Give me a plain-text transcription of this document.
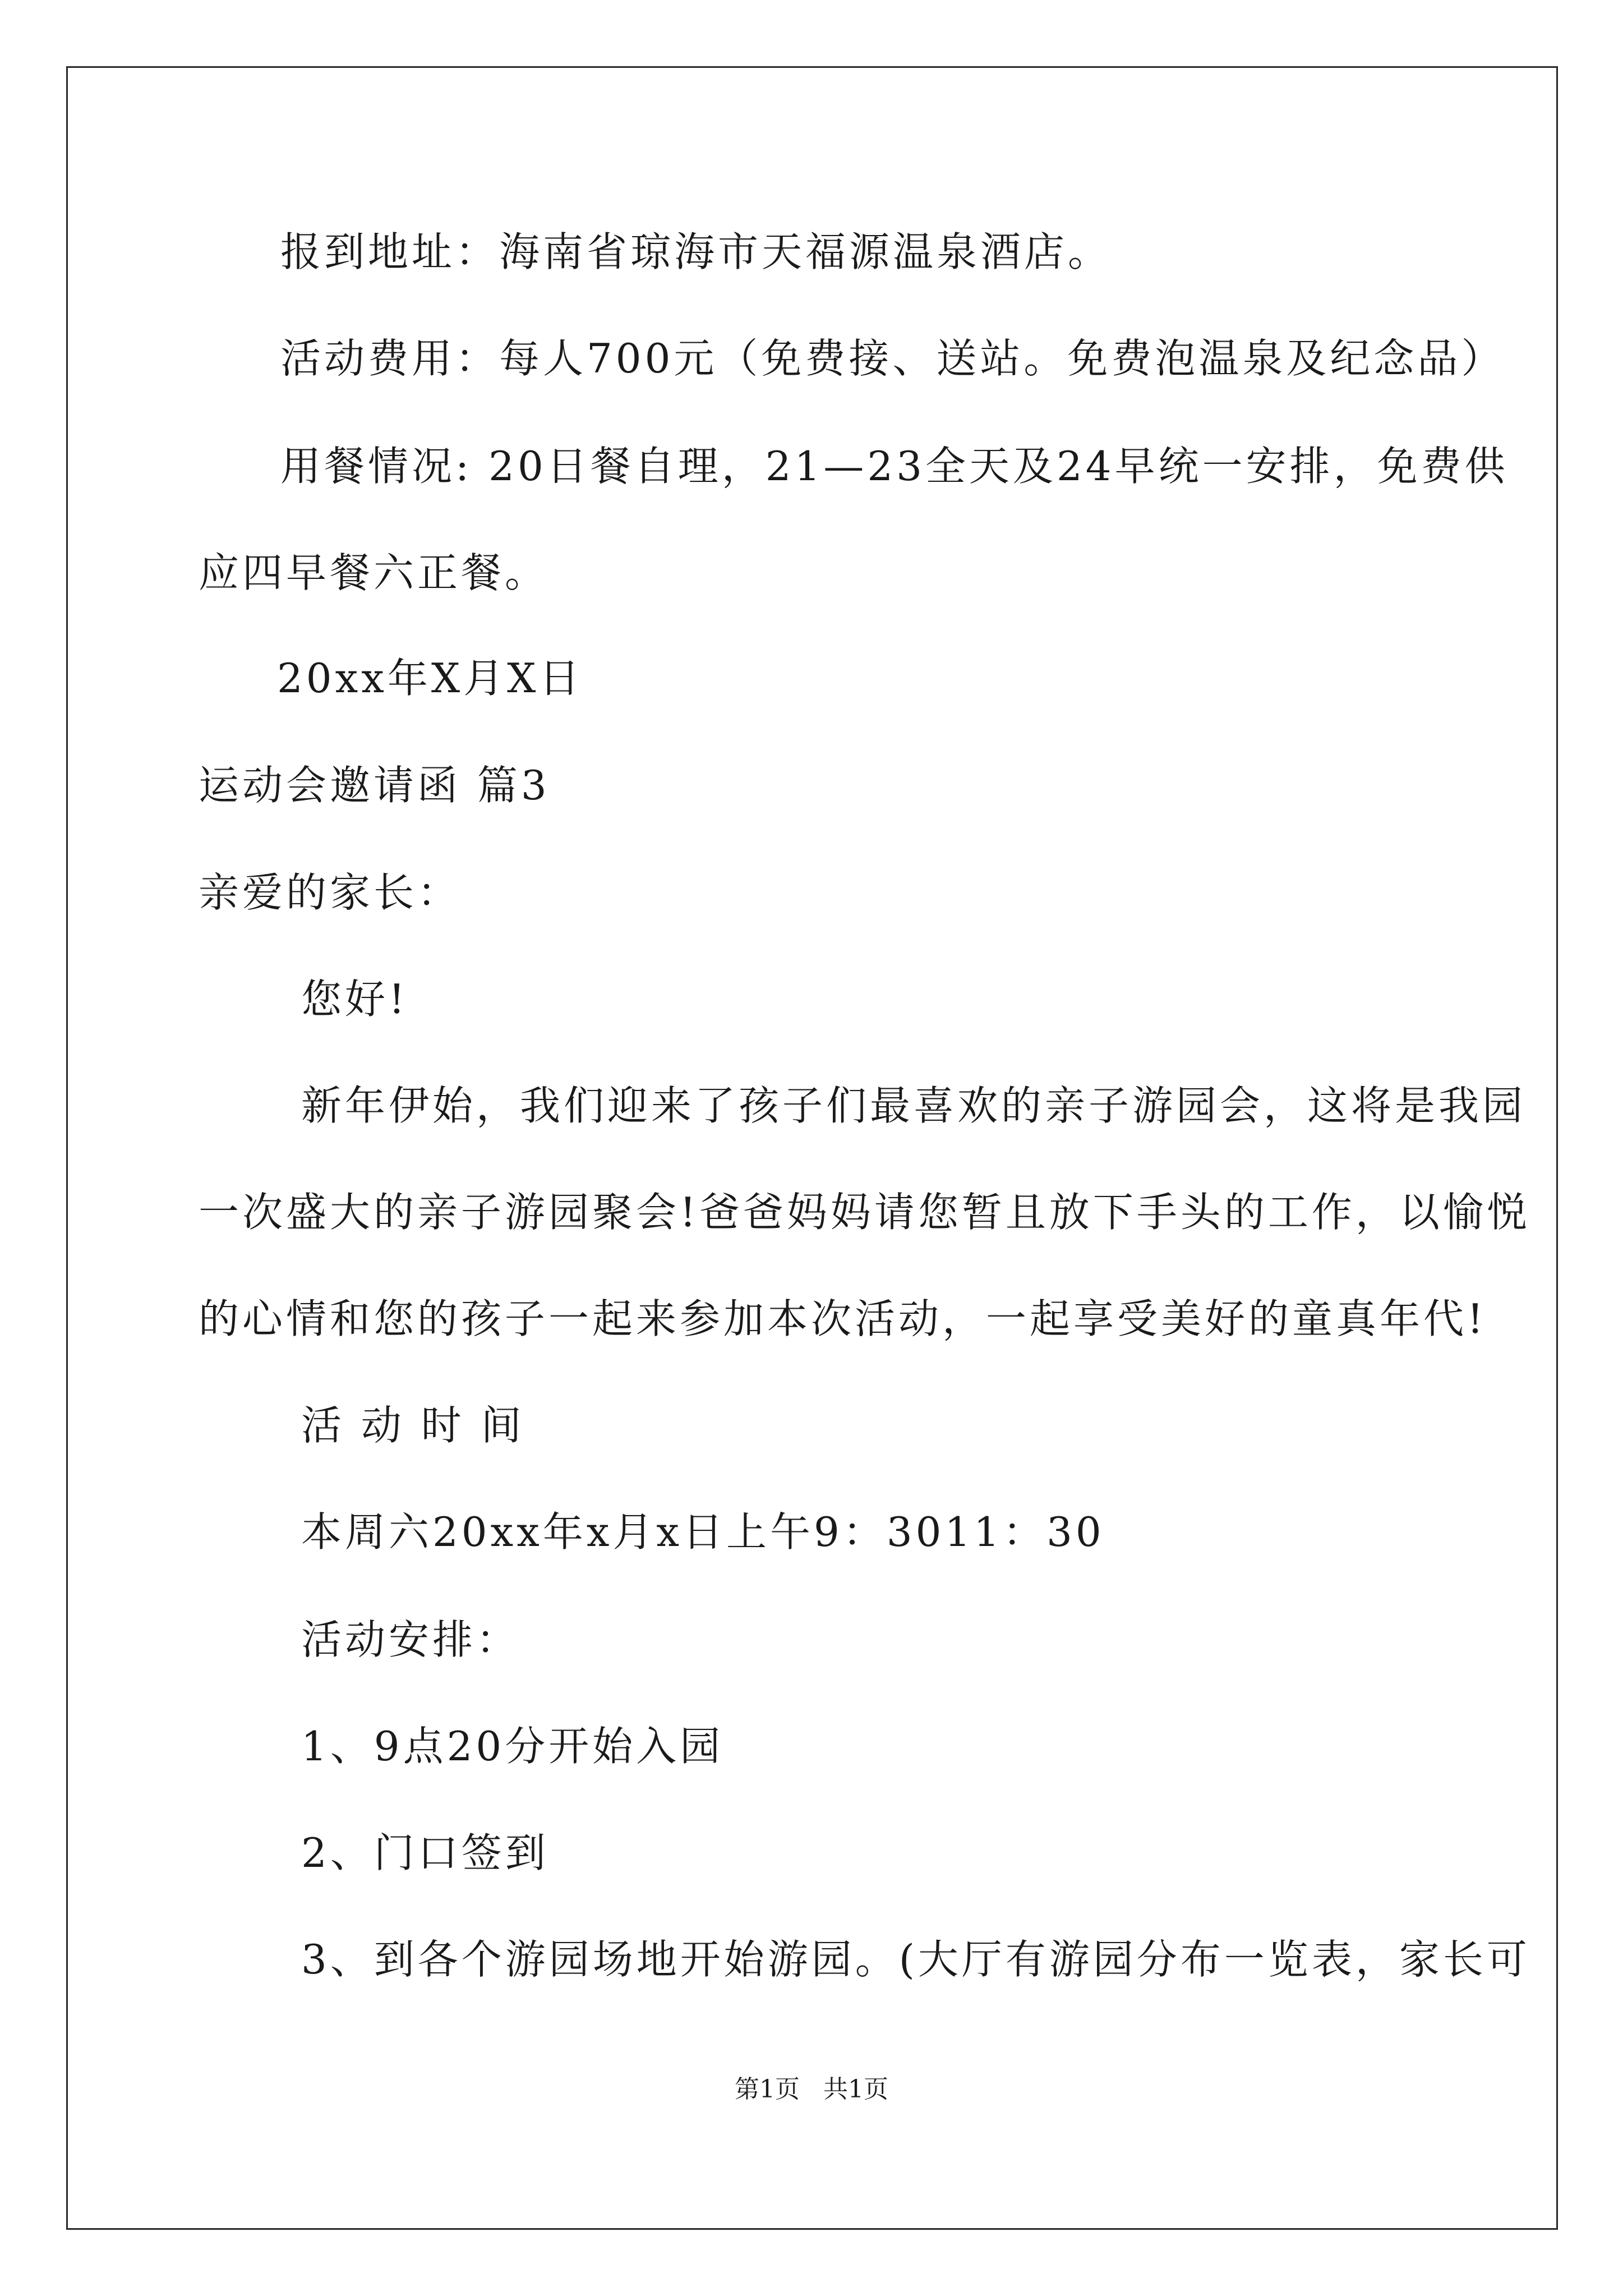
报到地址：海南省琼海市天福源温泉酒店。
活动费用：每人700元（免费接、送站。免费泡温泉及纪念品）
用餐情况: 20日餐自理，21—23全天及24早统一安排，免费供
应四早餐六正餐。
20xx年X月X日
运动会邀请函 篇3
亲爱的家长：
您好!
新年伊始，我们迎来了孩子们最喜欢的亲子游园会，这将是我园
一次盛大的亲子游园聚会!爸爸妈妈请您暂且放下手头的工作，以愉悦
的心情和您的孩子一起来参加本次活动，一起享受美好的童真年代!
活 动 时 间
本周六20xx年x月x日上午9：3011：30
活动安排：
1、9点20分开始入园
2、门口签到
3、到各个游园场地开始游园。(大厅有游园分布一览表，家长可
第1页   共1页
